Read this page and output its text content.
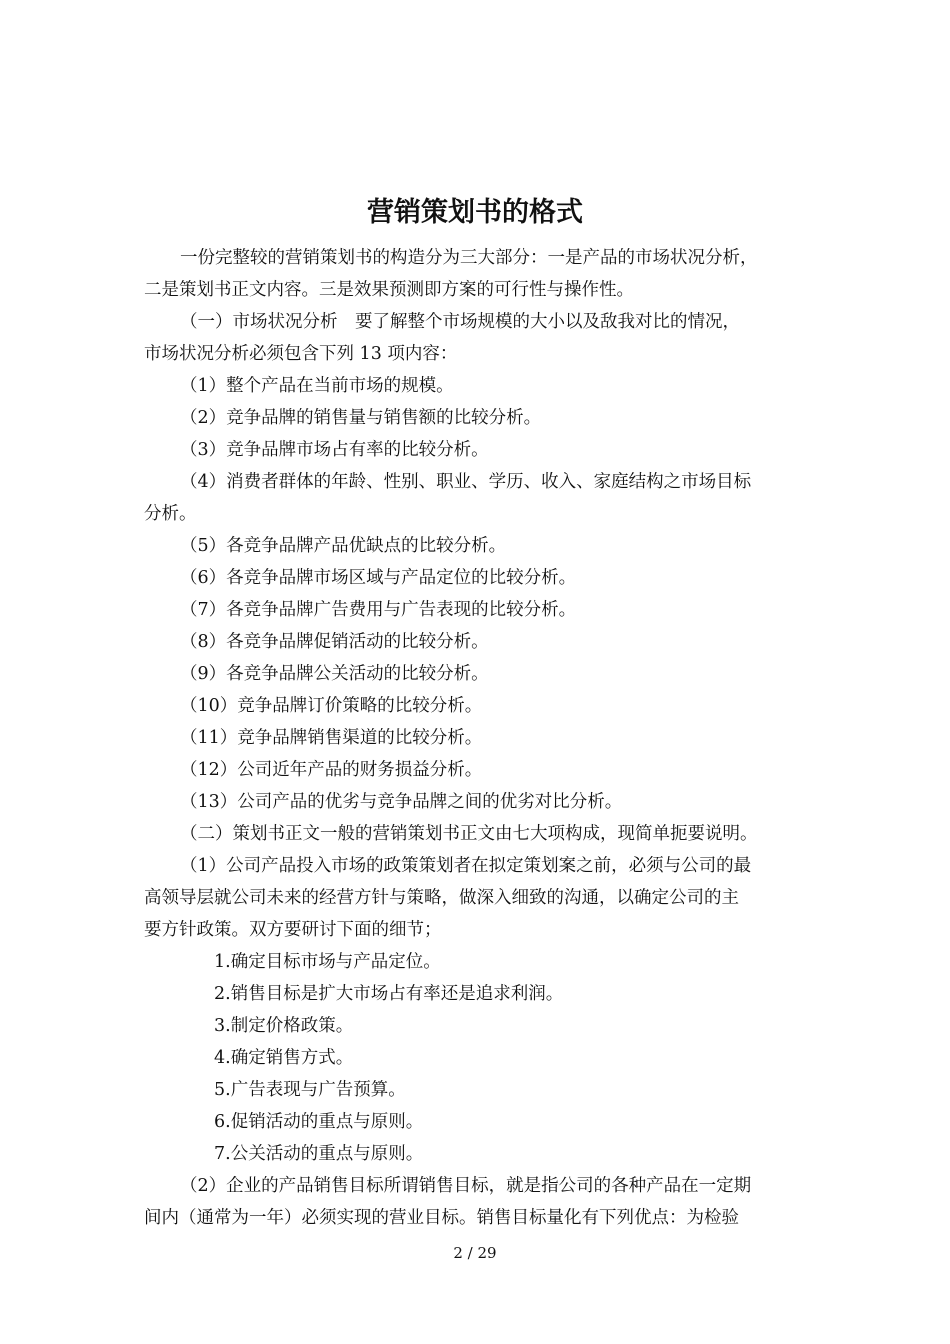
营销策划书的格式
一份完整较的营销策划书的构造分为三大部分：一是产品的市场状况分析，
二是策划书正文内容。三是效果预测即方案的可行性与操作性。
（一）市场状况分析　要了解整个市场规模的大小以及敌我对比的情况，
市场状况分析必须包含下列 13 项内容：
（1）整个产品在当前市场的规模。
（2）竞争品牌的销售量与销售额的比较分析。
（3）竞争品牌市场占有率的比较分析。
（4）消费者群体的年龄、性别、职业、学历、收入、家庭结构之市场目标
分析。
（5）各竞争品牌产品优缺点的比较分析。
（6）各竞争品牌市场区域与产品定位的比较分析。
（7）各竞争品牌广告费用与广告表现的比较分析。
（8）各竞争品牌促销活动的比较分析。
（9）各竞争品牌公关活动的比较分析。
（10）竞争品牌订价策略的比较分析。
（11）竞争品牌销售渠道的比较分析。
（12）公司近年产品的财务损益分析。
（13）公司产品的优劣与竞争品牌之间的优劣对比分析。
（二）策划书正文一般的营销策划书正文由七大项构成，现简单扼要说明。
（1）公司产品投入市场的政策策划者在拟定策划案之前，必须与公司的最
高领导层就公司未来的经营方针与策略，做深入细致的沟通，以确定公司的主
要方针政策。双方要研讨下面的细节；
1.确定目标市场与产品定位。
2.销售目标是扩大市场占有率还是追求利润。
3.制定价格政策。
4.确定销售方式。
5.广告表现与广告预算。
6.促销活动的重点与原则。
7.公关活动的重点与原则。
（2）企业的产品销售目标所谓销售目标，就是指公司的各种产品在一定期
间内（通常为一年）必须实现的营业目标。销售目标量化有下列优点：为检验
2 / 29
